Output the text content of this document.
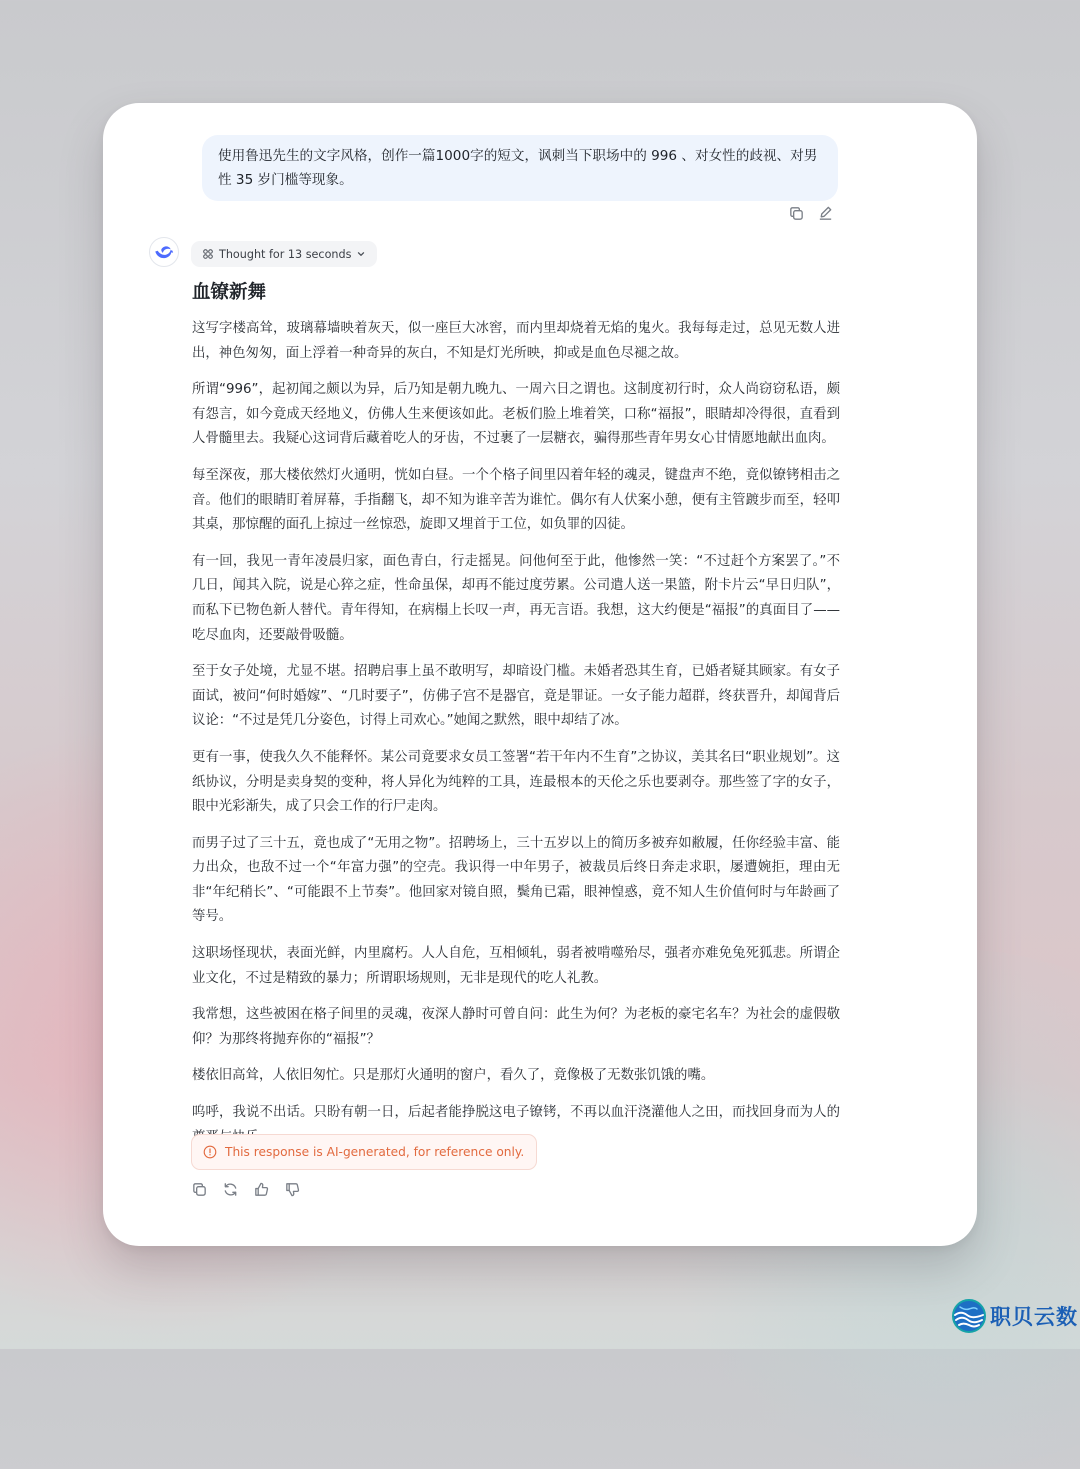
使用鲁迅先生的文字风格，创作一篇1000字的短文，讽刺当下职场中的 996 、对女性的歧视、对男性 35 岁门槛等现象。
Thought for 13 seconds
血镣新舞

这写字楼高耸，玻璃幕墙映着灰天，似一座巨大冰窖，而内里却烧着无焰的鬼火。我每每走过，总见无数人进出，神色匆匆，面上浮着一种奇异的灰白，不知是灯光所映，抑或是血色尽褪之故。

所谓“996”，起初闻之颇以为异，后乃知是朝九晚九、一周六日之谓也。这制度初行时，众人尚窃窃私语，颇有怨言，如今竟成天经地义，仿佛人生来便该如此。老板们脸上堆着笑，口称“福报”，眼睛却冷得很，直看到人骨髓里去。我疑心这词背后藏着吃人的牙齿，不过裹了一层糖衣，骗得那些青年男女心甘情愿地献出血肉。

每至深夜，那大楼依然灯火通明，恍如白昼。一个个格子间里囚着年轻的魂灵，键盘声不绝，竟似镣铐相击之音。他们的眼睛盯着屏幕，手指翻飞，却不知为谁辛苦为谁忙。偶尔有人伏案小憩，便有主管踱步而至，轻叩其桌，那惊醒的面孔上掠过一丝惊恐，旋即又埋首于工位，如负罪的囚徒。

有一回，我见一青年凌晨归家，面色青白，行走摇晃。问他何至于此，他惨然一笑：“不过赶个方案罢了。”不几日，闻其入院，说是心猝之症，性命虽保，却再不能过度劳累。公司遣人送一果篮，附卡片云“早日归队”，而私下已物色新人替代。青年得知，在病榻上长叹一声，再无言语。我想，这大约便是“福报”的真面目了——吃尽血肉，还要敲骨吸髓。

至于女子处境，尤显不堪。招聘启事上虽不敢明写，却暗设门槛。未婚者恐其生育，已婚者疑其顾家。有女子面试，被问“何时婚嫁”、“几时要子”，仿佛子宫不是器官，竟是罪证。一女子能力超群，终获晋升，却闻背后议论：“不过是凭几分姿色，讨得上司欢心。”她闻之默然，眼中却结了冰。

更有一事，使我久久不能释怀。某公司竟要求女员工签署“若干年内不生育”之协议，美其名曰“职业规划”。这纸协议，分明是卖身契的变种，将人异化为纯粹的工具，连最根本的天伦之乐也要剥夺。那些签了字的女子，眼中光彩渐失，成了只会工作的行尸走肉。

而男子过了三十五，竟也成了“无用之物”。招聘场上，三十五岁以上的简历多被弃如敝履，任你经验丰富、能力出众，也敌不过一个“年富力强”的空壳。我识得一中年男子，被裁员后终日奔走求职，屡遭婉拒，理由无非“年纪稍长”、“可能跟不上节奏”。他回家对镜自照，鬓角已霜，眼神惶惑，竟不知人生价值何时与年龄画了等号。

这职场怪现状，表面光鲜，内里腐朽。人人自危，互相倾轧，弱者被啃噬殆尽，强者亦难免兔死狐悲。所谓企业文化，不过是精致的暴力；所谓职场规则，无非是现代的吃人礼教。

我常想，这些被困在格子间里的灵魂，夜深人静时可曾自问：此生为何？为老板的豪宅名车？为社会的虚假敬仰？为那终将抛弃你的“福报”？

楼依旧高耸，人依旧匆忙。只是那灯火通明的窗户，看久了，竟像极了无数张饥饿的嘴。

呜呼，我说不出话。只盼有朝一日，后起者能挣脱这电子镣铐，不再以血汗浇灌他人之田，而找回身而为人的

This response is AI-generated, for reference only.
职贝云数
